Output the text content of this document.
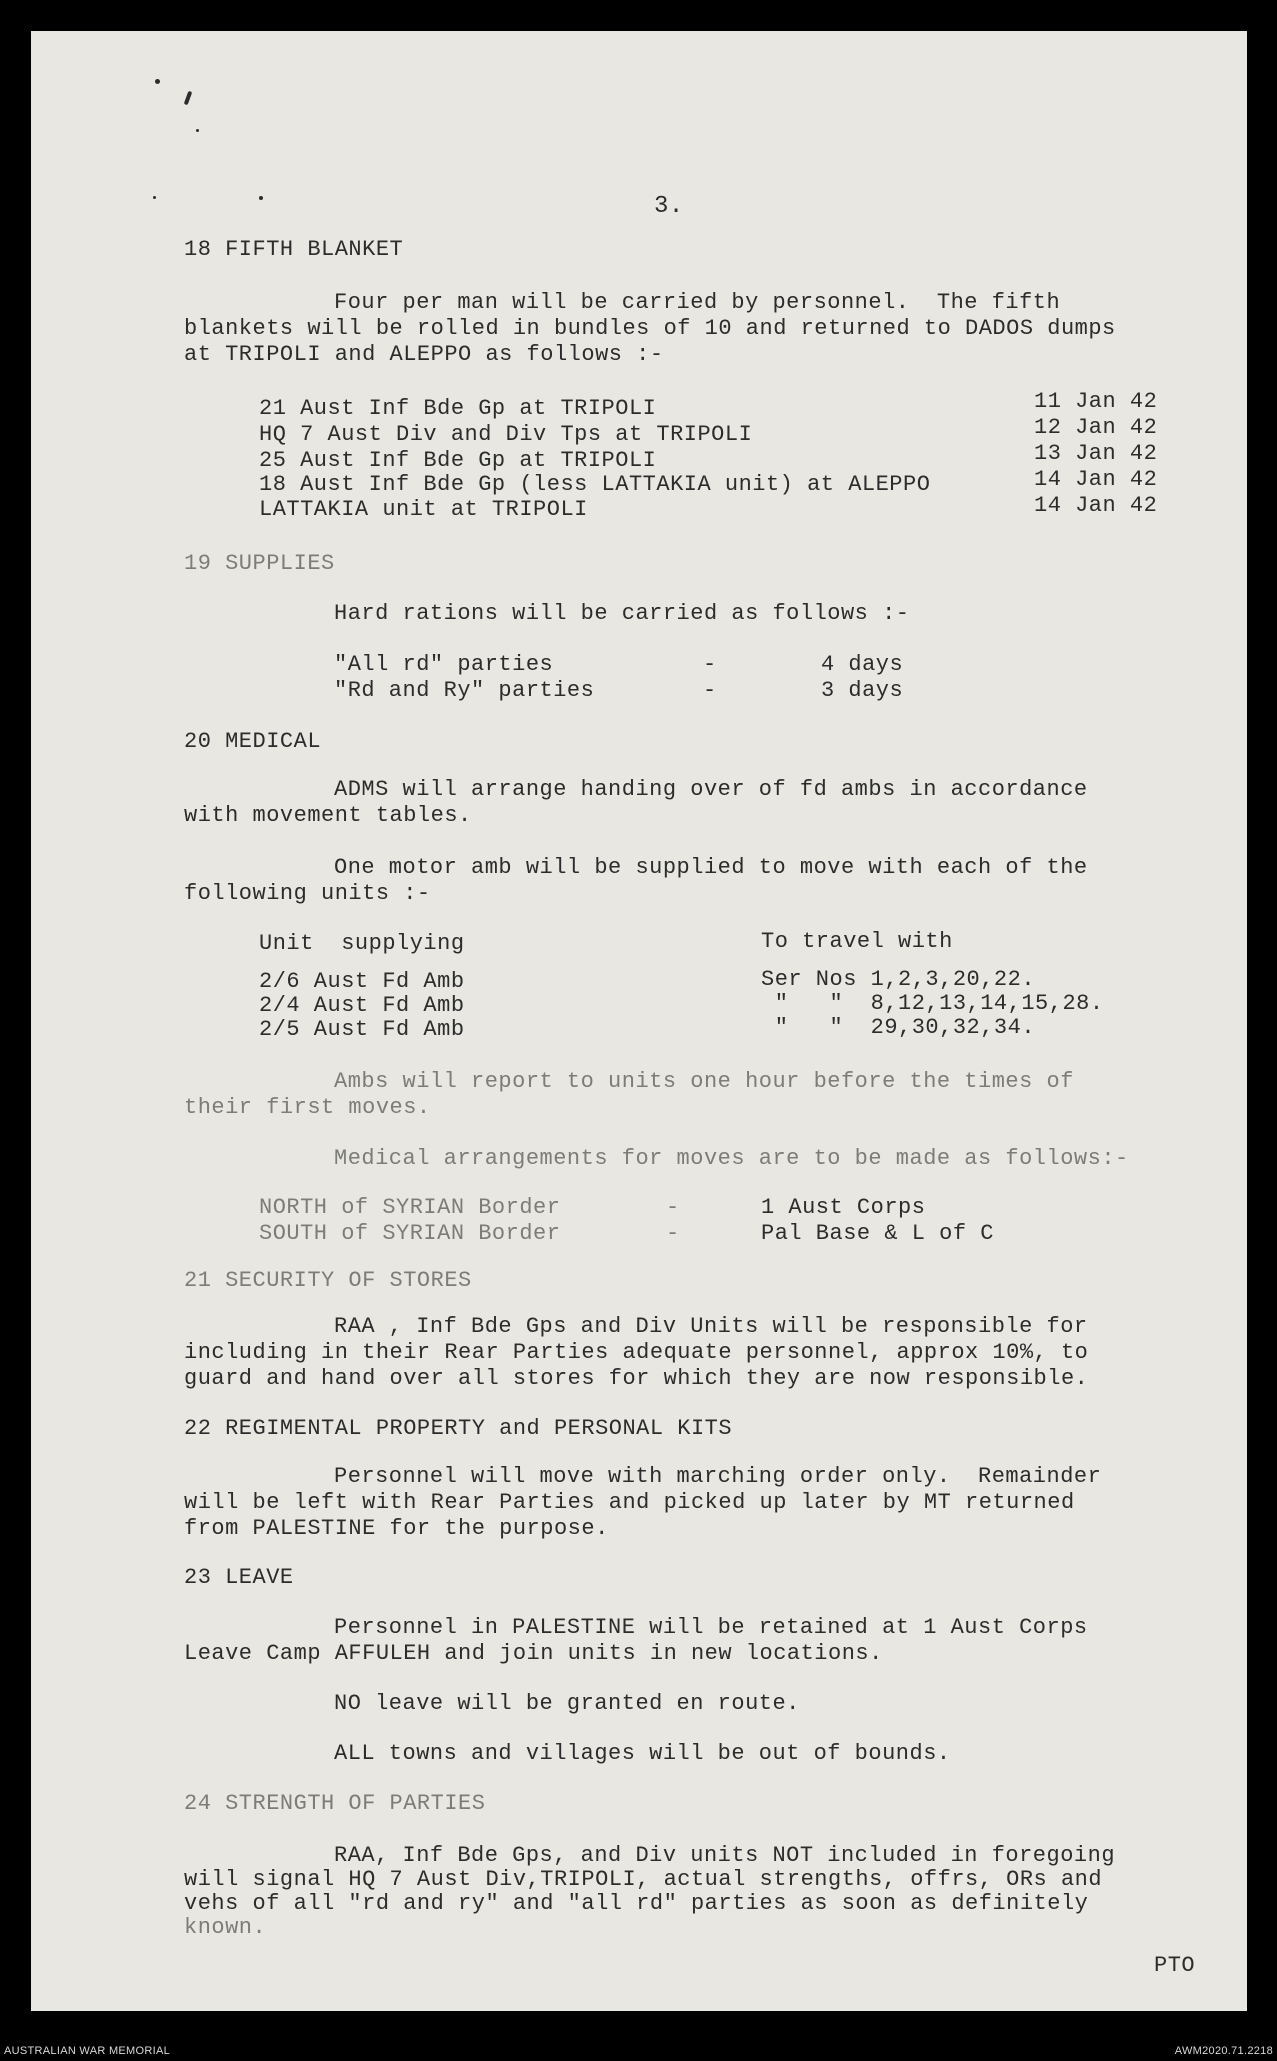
3.
18 FIFTH BLANKET
Four per man will be carried by personnel.  The fifth
blankets will be rolled in bundles of 10 and returned to DADOS dumps
at TRIPOLI and ALEPPO as follows :-
21 Aust Inf Bde Gp at TRIPOLI	11 Jan 42
HQ 7 Aust Div and Div Tps at TRIPOLI	12 Jan 42
25 Aust Inf Bde Gp at TRIPOLI	13 Jan 42
18 Aust Inf Bde Gp (less LATTAKIA unit) at ALEPPO	14 Jan 42
LATTAKIA unit at TRIPOLI	14 Jan 42
19 SUPPLIES
Hard rations will be carried as follows :-
"All rd" parties	-	4 days
"Rd and Ry" parties	-	3 days
20 MEDICAL
ADMS will arrange handing over of fd ambs in accordance
with movement tables.
One motor amb will be supplied to move with each of the
following units :-
Unit  supplying	To travel with
2/6 Aust Fd Amb	Ser Nos 1,2,3,20,22.
2/4 Aust Fd Amb	"   "  8,12,13,14,15,28.
2/5 Aust Fd Amb	"   "  29,30,32,34.
Ambs will report to units one hour before the times of
their first moves.
Medical arrangements for moves are to be made as follows:-
NORTH of SYRIAN Border	-	1 Aust Corps
SOUTH of SYRIAN Border	-	Pal Base & L of C
21 SECURITY OF STORES
RAA , Inf Bde Gps and Div Units will be responsible for
including in their Rear Parties adequate personnel, approx 10%, to
guard and hand over all stores for which they are now responsible.
22 REGIMENTAL PROPERTY and PERSONAL KITS
Personnel will move with marching order only.  Remainder
will be left with Rear Parties and picked up later by MT returned
from PALESTINE for the purpose.
23 LEAVE
Personnel in PALESTINE will be retained at 1 Aust Corps
Leave Camp AFFULEH and join units in new locations.
NO leave will be granted en route.
ALL towns and villages will be out of bounds.
24 STRENGTH OF PARTIES
RAA, Inf Bde Gps, and Div units NOT included in foregoing
will signal HQ 7 Aust Div,TRIPOLI, actual strengths, offrs, ORs and
vehs of all "rd and ry" and "all rd" parties as soon as definitely
known.
PTO
AUSTRALIAN WAR MEMORIAL	AWM2020.71.2218
